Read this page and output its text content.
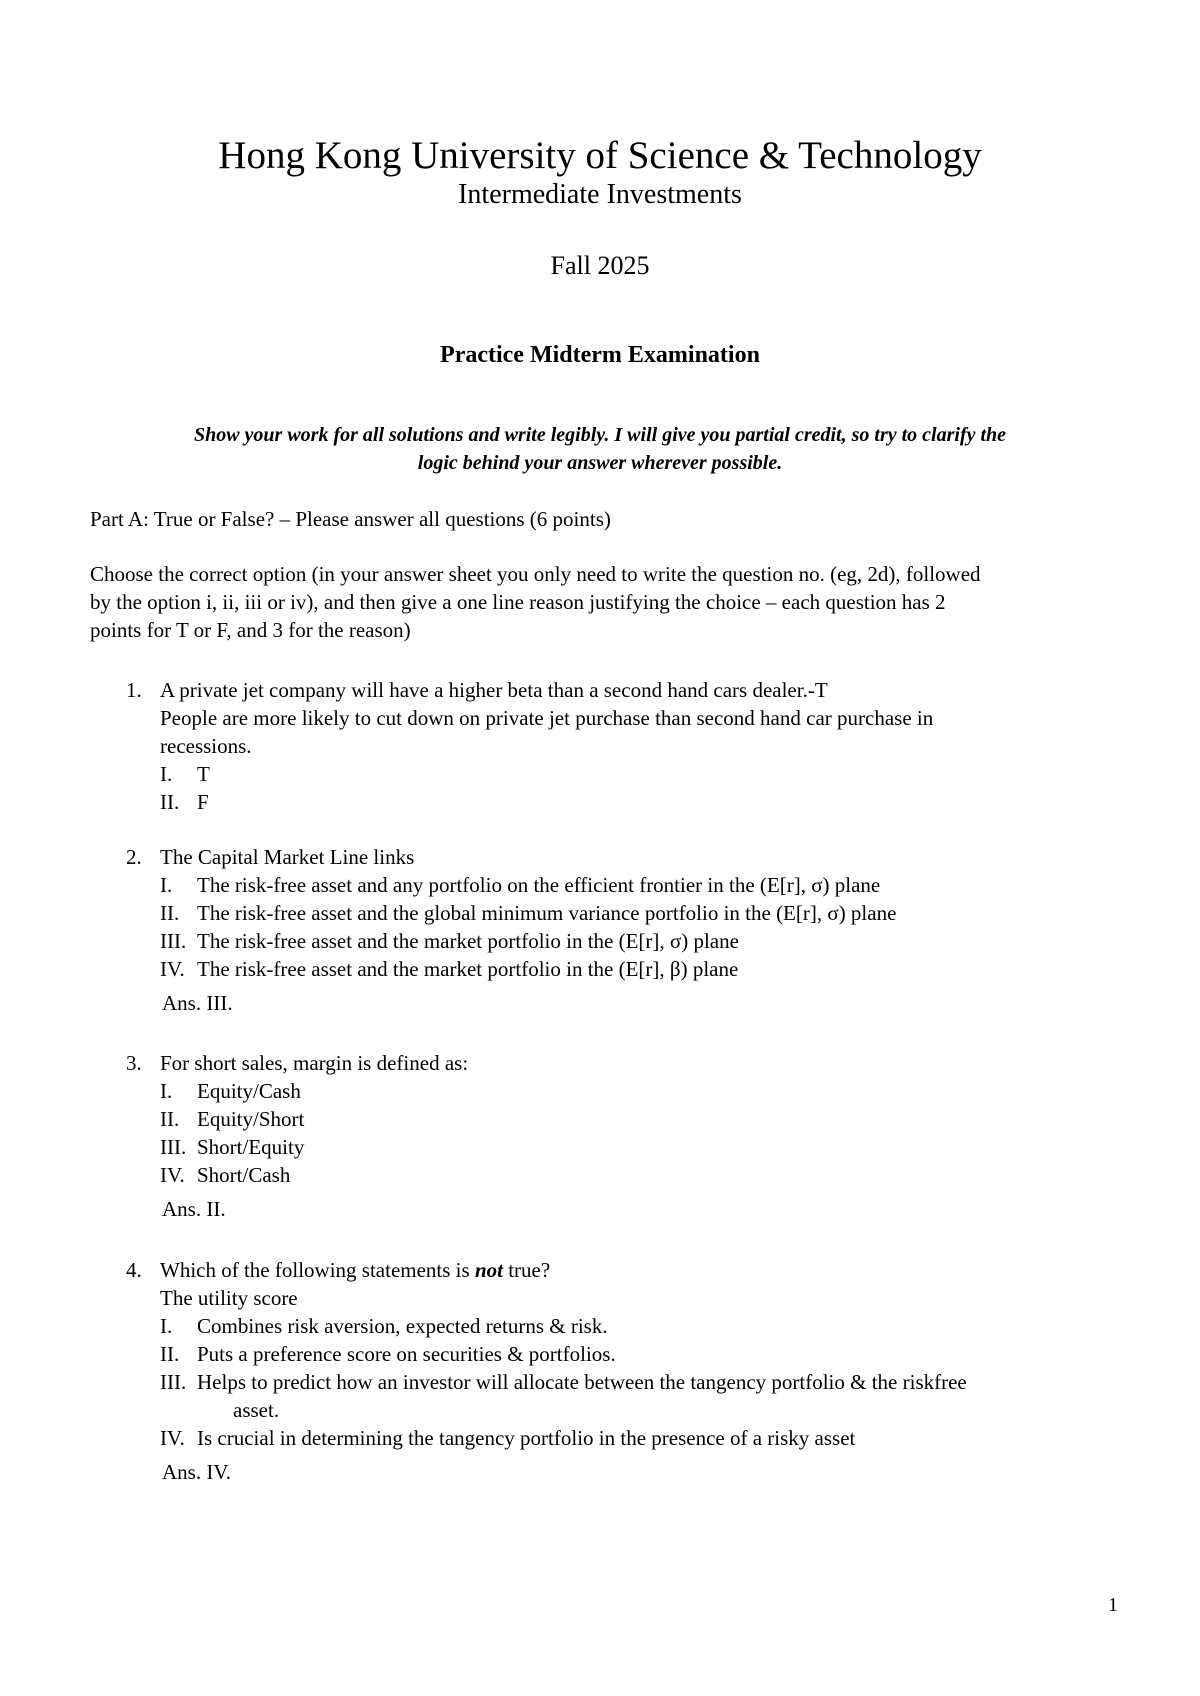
Hong Kong University of Science & Technology
Intermediate Investments
Fall 2025
Practice Midterm Examination
Show your work for all solutions and write legibly. I will give you partial credit, so try to clarify the
logic behind your answer wherever possible.
Part A: True or False? – Please answer all questions (6 points)
Choose the correct option (in your answer sheet you only need to write the question no. (eg, 2d), followed
by the option i, ii, iii or iv), and then give a one line reason justifying the choice – each question has 2
points for T or F, and 3 for the reason)
1. A private jet company will have a higher beta than a second hand cars dealer.-T
People are more likely to cut down on private jet purchase than second hand car purchase in
recessions.
I. T
II. F
2. The Capital Market Line links
I. The risk-free asset and any portfolio on the efficient frontier in the (E[r], σ) plane
II. The risk-free asset and the global minimum variance portfolio in the (E[r], σ) plane
III. The risk-free asset and the market portfolio in the (E[r], σ) plane
IV. The risk-free asset and the market portfolio in the (E[r], β) plane
Ans. III.
3. For short sales, margin is defined as:
I. Equity/Cash
II. Equity/Short
III. Short/Equity
IV. Short/Cash
Ans. II.
4. Which of the following statements is not true?
The utility score
I. Combines risk aversion, expected returns & risk.
II. Puts a preference score on securities & portfolios.
III. Helps to predict how an investor will allocate between the tangency portfolio & the riskfree
asset.
IV. Is crucial in determining the tangency portfolio in the presence of a risky asset
Ans. IV.
1
